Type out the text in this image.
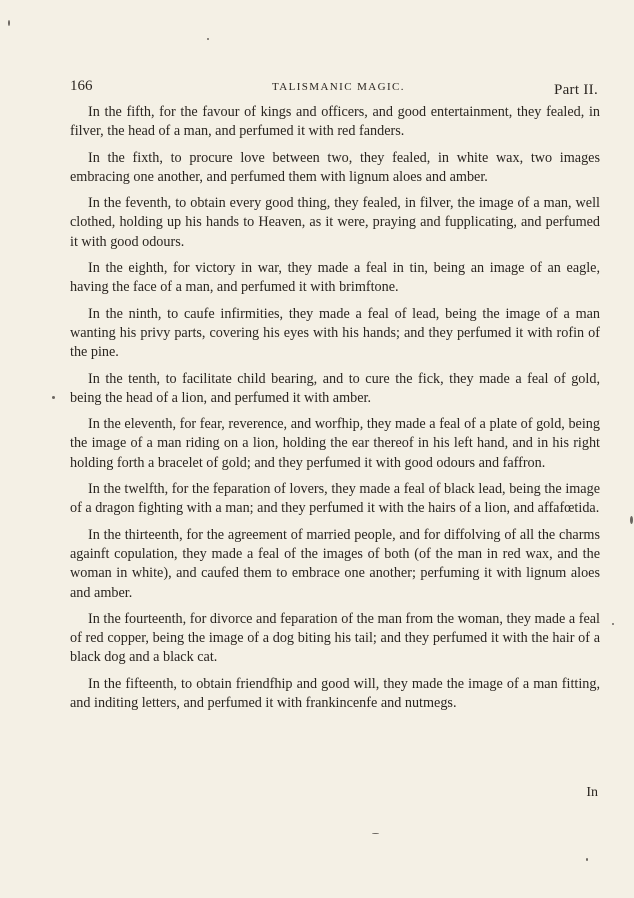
166	TALISMANIC MAGIC.	Part II.

In the fifth, for the favour of kings and officers, and good entertainment, they fealed, in filver, the head of a man, and perfumed it with red fanders.

In the fixth, to procure love between two, they fealed, in white wax, two images embracing one another, and perfumed them with lignum aloes and amber.

In the feventh, to obtain every good thing, they fealed, in filver, the image of a man, well clothed, holding up his hands to Heaven, as it were, praying and fupplicating, and perfumed it with good odours.

In the eighth, for victory in war, they made a feal in tin, being an image of an eagle, having the face of a man, and perfumed it with brimftone.

In the ninth, to caufe infirmities, they made a feal of lead, being the image of a man wanting his privy parts, covering his eyes with his hands; and they perfumed it with rofin of the pine.

In the tenth, to facilitate child bearing, and to cure the fick, they made a feal of gold, being the head of a lion, and perfumed it with amber.

In the eleventh, for fear, reverence, and worfhip, they made a feal of a plate of gold, being the image of a man riding on a lion, holding the ear thereof in his left hand, and in his right holding forth a bracelet of gold; and they perfumed it with good odours and faffron.

In the twelfth, for the feparation of lovers, they made a feal of black lead, being the image of a dragon fighting with a man; and they perfumed it with the hairs of a lion, and affafœtida.

In the thirteenth, for the agreement of married people, and for diffolving of all the charms againft copulation, they made a feal of the images of both (of the man in red wax, and the woman in white), and caufed them to embrace one another; perfuming it with lignum aloes and amber.

In the fourteenth, for divorce and feparation of the man from the woman, they made a feal of red copper, being the image of a dog biting his tail; and they perfumed it with the hair of a black dog and a black cat.

In the fifteenth, to obtain friendfhip and good will, they made the image of a man fitting, and inditing letters, and perfumed it with frankincenfe and nutmegs.

In
